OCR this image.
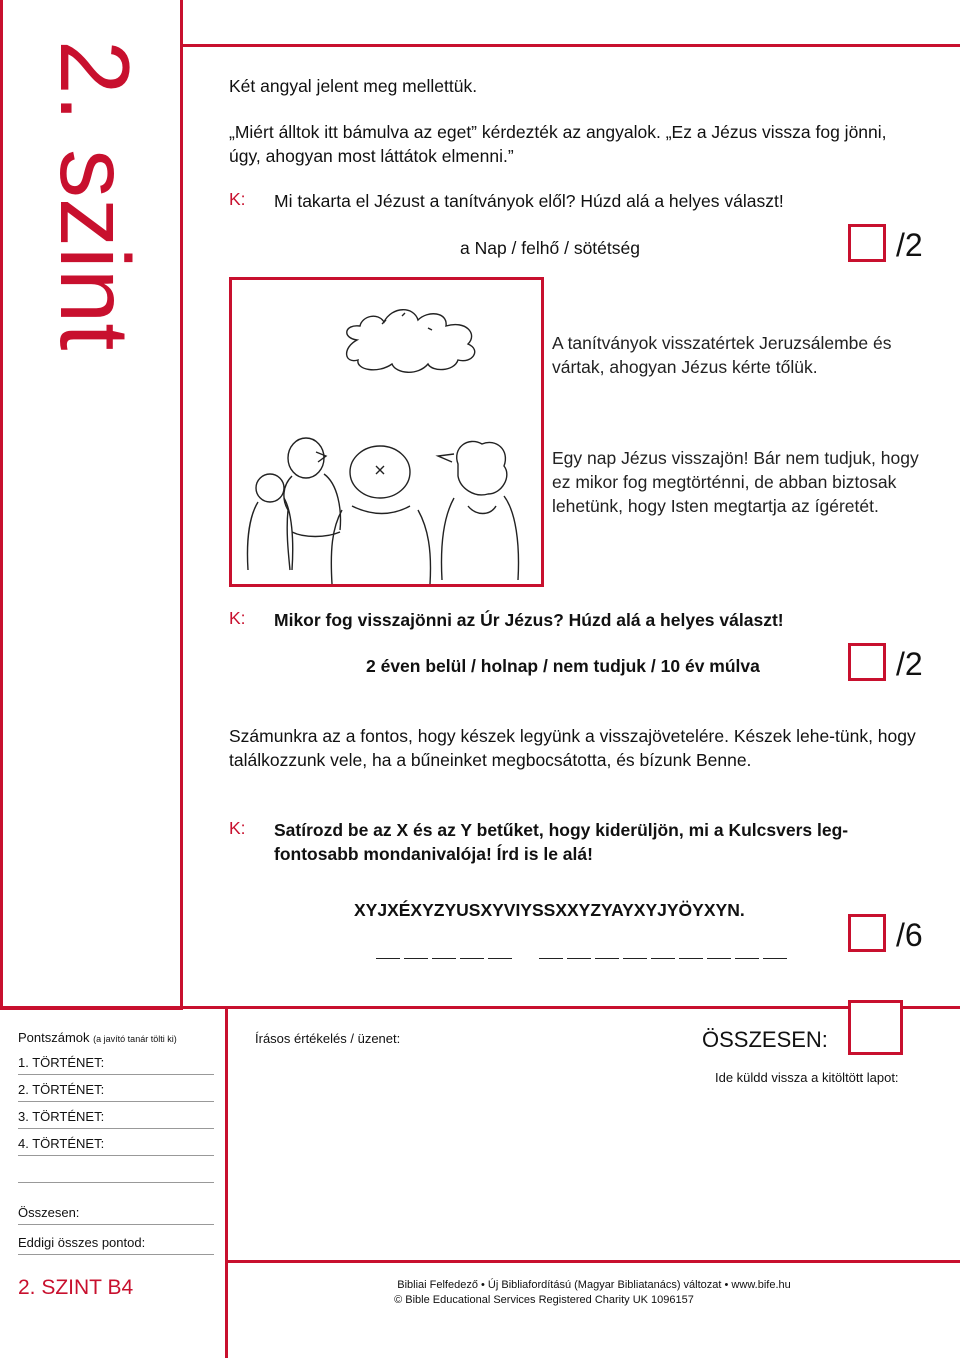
2. szint	Két angyal jelent meg mellettük.
„Miért álltok itt bámulva az eget” kérdezték az angyalok. „Ez a Jézus vissza fog jönni, úgy, ahogyan most láttátok elmenni.”
K: Mi takarta el Jézust a tanítványok elől? Húzd alá a helyes választ!
a Nap / felhő / sötétség	/2
A tanítványok visszatértek Jeruzsálembe és vártak, ahogyan Jézus kérte tőlük.
Egy nap Jézus visszajön! Bár nem tudjuk, hogy ez mikor fog megtörténni, de abban biztosak lehetünk, hogy Isten megtartja az ígéretét.
K: Mikor fog visszajönni az Úr Jézus? Húzd alá a helyes választ!
2 éven belül / holnap / nem tudjuk / 10 év múlva	/2
Számunkra az a fontos, hogy készek legyünk a visszajövetelére. Készek lehe-tünk, hogy találkozzunk vele, ha a bűneinket megbocsátotta, és bízunk Benne.
K: Satírozd be az X és az Y betűket, hogy kiderüljön, mi a Kulcsvers leg-fontosabb mondanivalója! Írd is le alá!
XYJXÉXYZYUSXYVIYSSXXYZYAYXYJYÖYXYN.

/6
Pontszámok (a javító tanár tölti ki)
1. TÖRTÉNET:
2. TÖRTÉNET:
3. TÖRTÉNET:
4. TÖRTÉNET:
Összesen:
Eddigi összes pontod:
Írásos értékelés / üzenet:	ÖSSZESEN:
Ide küldd vissza a kitöltött lapot:
2. SZINT B4	Bibliai Felfedező • Új Bibliafordítású (Magyar Bibliatanács) változat • www.bife.hu
© Bible Educational Services Registered Charity UK 1096157
